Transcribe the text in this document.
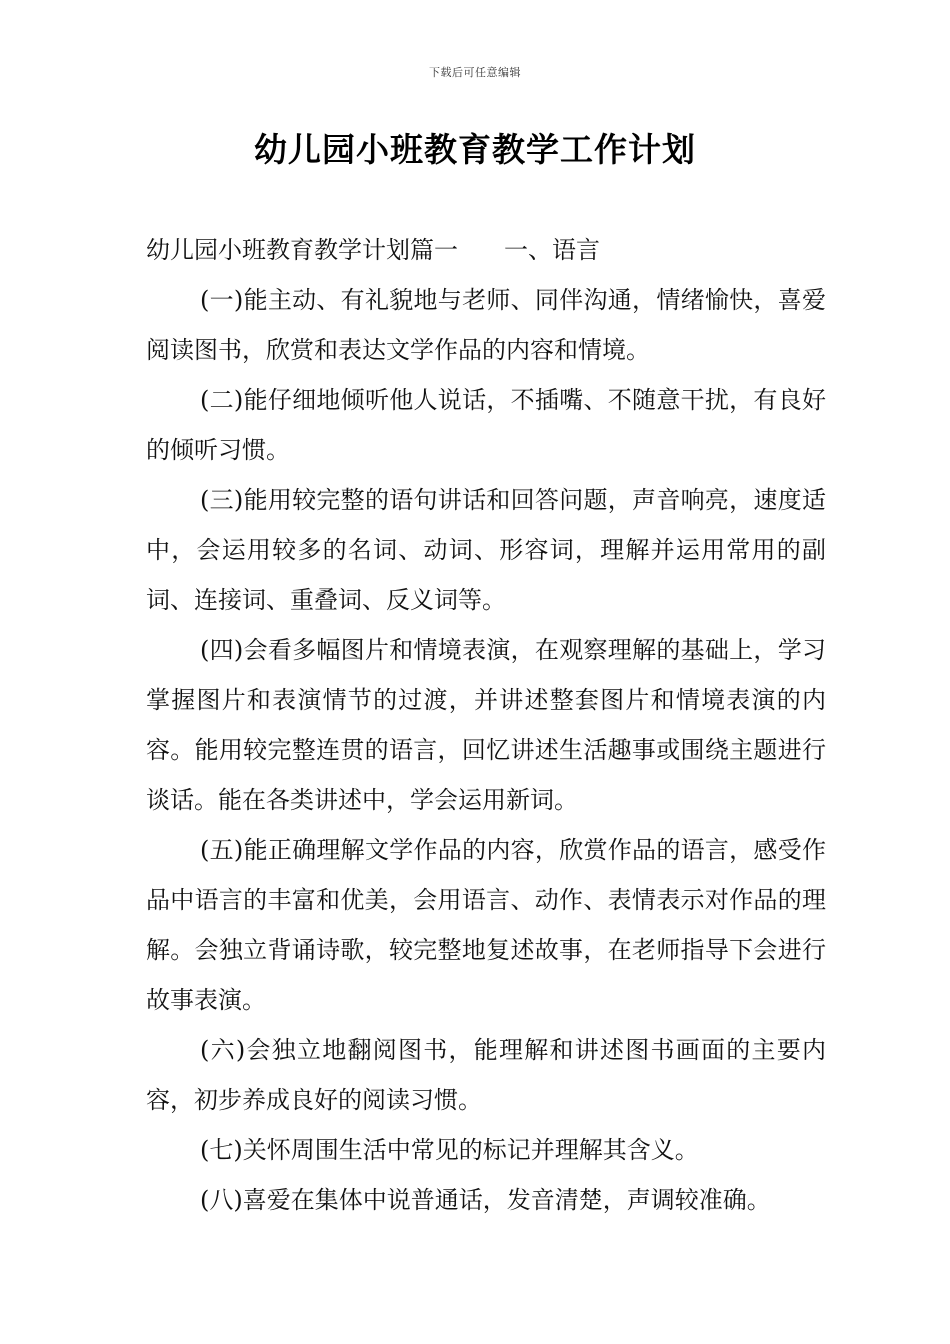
下载后可任意编辑
幼儿园小班教育教学工作计划

幼儿园小班教育教学计划篇一 一、语言

(一)能主动、有礼貌地与老师、同伴沟通，情绪愉快，喜爱阅读图书，欣赏和表达文学作品的内容和情境。

(二)能仔细地倾听他人说话，不插嘴、不随意干扰，有良好的倾听习惯。

(三)能用较完整的语句讲话和回答问题，声音响亮，速度适中，会运用较多的名词、动词、形容词，理解并运用常用的副词、连接词、重叠词、反义词等。

(四)会看多幅图片和情境表演，在观察理解的基础上，学习掌握图片和表演情节的过渡，并讲述整套图片和情境表演的内容。能用较完整连贯的语言，回忆讲述生活趣事或围绕主题进行谈话。能在各类讲述中，学会运用新词。

(五)能正确理解文学作品的内容，欣赏作品的语言，感受作品中语言的丰富和优美，会用语言、动作、表情表示对作品的理解。会独立背诵诗歌，较完整地复述故事，在老师指导下会进行故事表演。

(六)会独立地翻阅图书，能理解和讲述图书画面的主要内容，初步养成良好的阅读习惯。

(七)关怀周围生活中常见的标记并理解其含义。

(八)喜爱在集体中说普通话，发音清楚，声调较准确。
